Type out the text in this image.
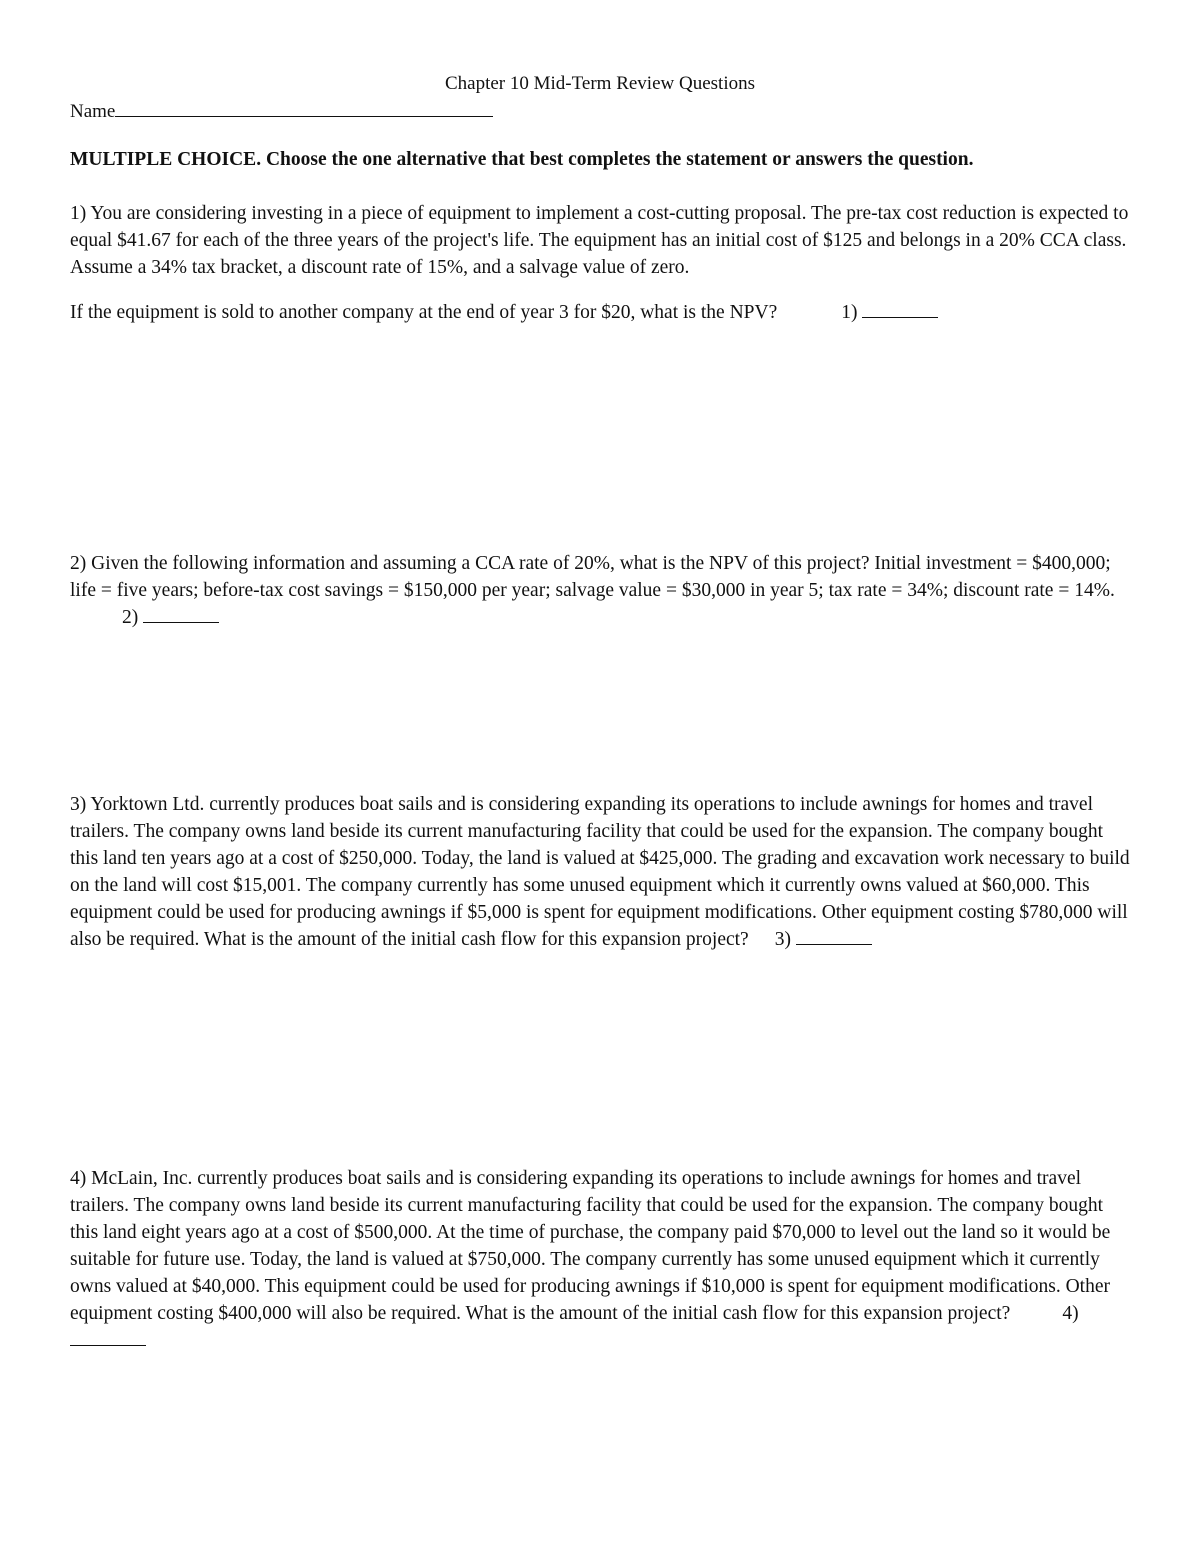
Chapter 10 Mid-Term Review Questions
Name
MULTIPLE CHOICE. Choose the one alternative that best completes the statement or answers the question.

1) You are considering investing in a piece of equipment to implement a cost-cutting proposal. The pre-tax cost reduction is expected to equal $41.67 for each of the three years of the project's life. The equipment has an initial cost of $125 and belongs in a 20% CCA class. Assume a 34% tax bracket, a discount rate of 15%, and a salvage value of zero.

If the equipment is sold to another company at the end of year 3 for $20, what is the NPV?	1)

2) Given the following information and assuming a CCA rate of 20%, what is the NPV of this project? Initial investment = $400,000; life = five years; before-tax cost savings = $150,000 per year; salvage value = $30,000 in year 5; tax rate = 34%; discount rate = 14%.2)

3) Yorktown Ltd. currently produces boat sails and is considering expanding its operations to include awnings for homes and travel trailers. The company owns land beside its current manufacturing facility that could be used for the expansion. The company bought this land ten years ago at a cost of $250,000. Today, the land is valued at $425,000. The grading and excavation work necessary to build on the land will cost $15,001. The company currently has some unused equipment which it currently owns valued at $60,000. This equipment could be used for producing awnings if $5,000 is spent for equipment modifications. Other equipment costing $780,000 will also be required. What is the amount of the initial cash flow for this expansion project? 3)

4) McLain, Inc. currently produces boat sails and is considering expanding its operations to include awnings for homes and travel trailers. The company owns land beside its current manufacturing facility that could be used for the expansion. The company bought this land eight years ago at a cost of $500,000. At the time of purchase, the company paid $70,000 to level out the land so it would be suitable for future use. Today, the land is valued at $750,000. The company currently has some unused equipment which it currently owns valued at $40,000. This equipment could be used for producing awnings if $10,000 is spent for equipment modifications. Other equipment costing $400,000 will also be required. What is the amount of the initial cash flow for this expansion project?	4)
